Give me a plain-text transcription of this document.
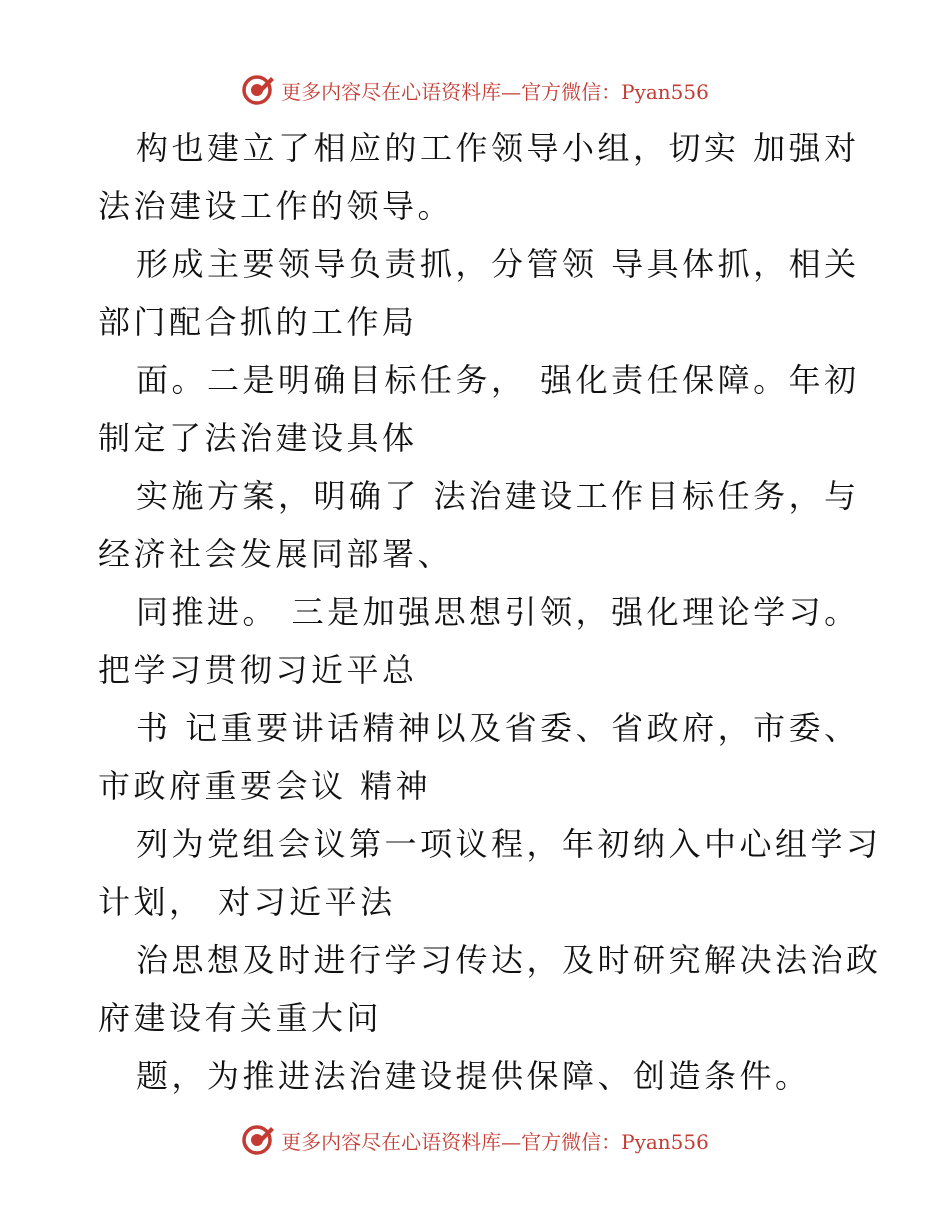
更多内容尽在心语资料库—官方微信：Pyan556
构也建立了相应的工作领导小组，切实 加强对
法治建设工作的领导。
形成主要领导负责抓，分管领 导具体抓，相关
部门配合抓的工作局
面。二是明确目标任务， 强化责任保障。年初
制定了法治建设具体
实施方案，明确了 法治建设工作目标任务，与
经济社会发展同部署、
同推进。 三是加强思想引领，强化理论学习。
把学习贯彻习近平总
书 记重要讲话精神以及省委、省政府，市委、
市政府重要会议 精神
列为党组会议第一项议程，年初纳入中心组学习
计划， 对习近平法
治思想及时进行学习传达，及时研究解决法治政
府建设有关重大问
题，为推进法治建设提供保障、创造条件。
更多内容尽在心语资料库—官方微信：Pyan556
